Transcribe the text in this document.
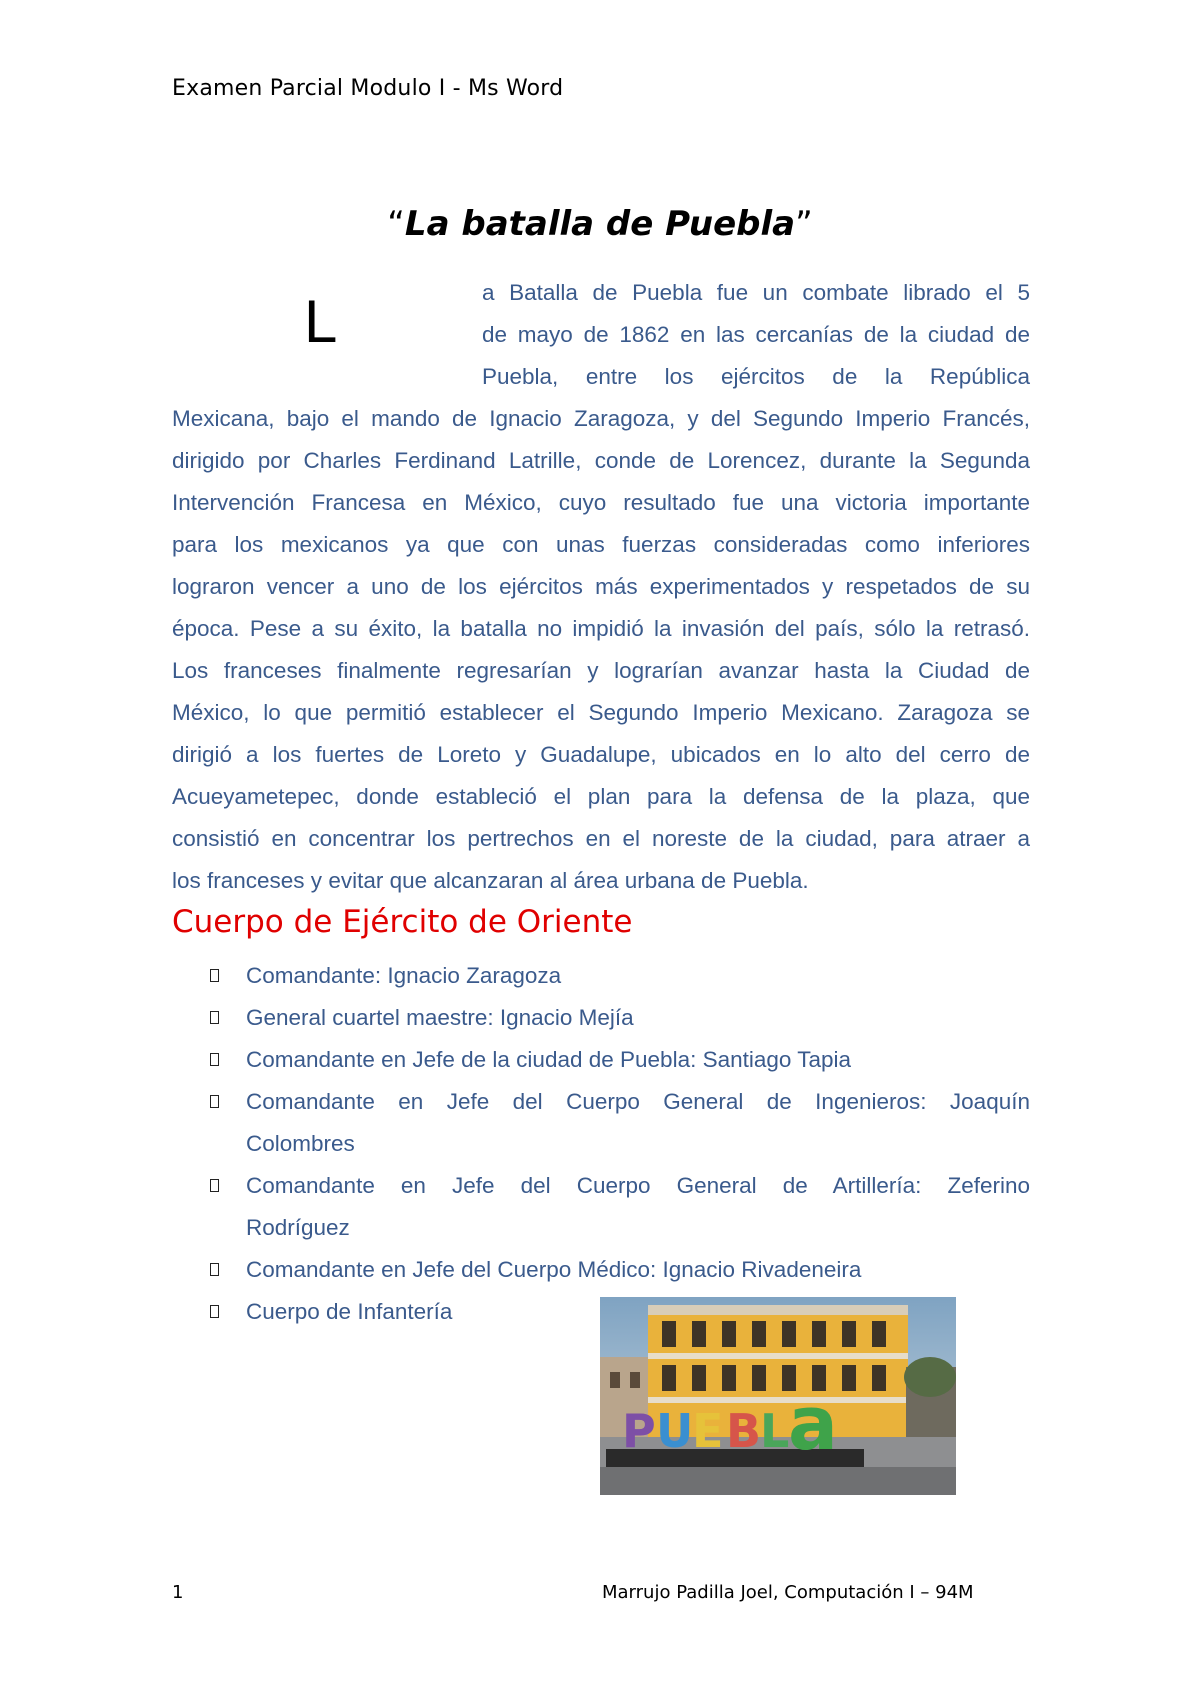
Examen Parcial Modulo I - Ms Word
“La batalla de Puebla”
L	a Batalla de Puebla fue un combate librado el 5
de mayo de 1862 en las cercanías de la ciudad de
Puebla, entre los ejércitos de la República
Mexicana, bajo el mando de Ignacio Zaragoza, y del Segundo Imperio Francés,
dirigido por Charles Ferdinand Latrille, conde de Lorencez, durante la Segunda
Intervención Francesa en México, cuyo resultado fue una victoria importante
para los mexicanos ya que con unas fuerzas consideradas como inferiores
lograron vencer a uno de los ejércitos más experimentados y respetados de su
época. Pese a su éxito, la batalla no impidió la invasión del país, sólo la retrasó.
Los franceses finalmente regresarían y lograrían avanzar hasta la Ciudad de
México, lo que permitió establecer el Segundo Imperio Mexicano. Zaragoza se
dirigió a los fuertes de Loreto y Guadalupe, ubicados en lo alto del cerro de
Acueyametepec, donde estableció el plan para la defensa de la plaza, que
consistió en concentrar los pertrechos en el noreste de la ciudad, para atraer a
los franceses y evitar que alcanzaran al área urbana de Puebla.
Cuerpo de Ejército de Oriente
Comandante: Ignacio Zaragoza
General cuartel maestre: Ignacio Mejía
Comandante en Jefe de la ciudad de Puebla: Santiago Tapia
Comandante en Jefe del Cuerpo General de Ingenieros: Joaquín
Colombres
Comandante en Jefe del Cuerpo General de Artillería: Zeferino
Rodríguez
Comandante en Jefe del Cuerpo Médico: Ignacio Rivadeneira
Cuerpo de Infantería
P U
E B
L
a
1	Marrujo Padilla Joel, Computación I – 94M
